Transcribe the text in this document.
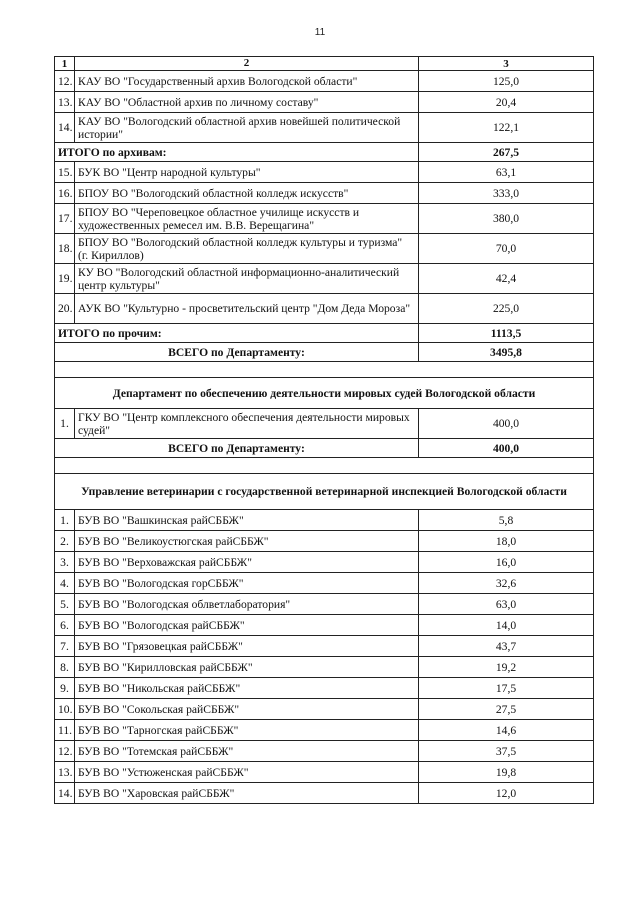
11
1	2	3
12.	КАУ ВО "Государственный архив Вологодской области"	125,0
13.	КАУ ВО "Областной архив по личному составу"	20,4
14.	КАУ ВО "Вологодский областной архив новейшей политической истории"	122,1
ИТОГО по архивам:		267,5
15.	БУК ВО "Центр народной культуры"	63,1
16.	БПОУ ВО "Вологодский областной колледж искусств"	333,0
17.	БПОУ ВО "Череповецкое областное училище искусств и художественных ремесел им. В.В. Верещагина"	380,0
18.	БПОУ ВО "Вологодский областной колледж культуры и туризма" (г. Кириллов)	70,0
19.	КУ ВО "Вологодский областной информационно-аналитический центр культуры"	42,4
20.	АУК ВО "Культурно - просветительский центр "Дом Деда Мороза"	225,0
ИТОГО по прочим:		1113,5
ВСЕГО по Департаменту:		3495,8

Департамент по обеспечению деятельности мировых судей Вологодской области		
1.	ГКУ ВО "Центр комплексного обеспечения деятельности мировых судей"	400,0
ВСЕГО по Департаменту:		400,0

Управление ветеринарии с государственной ветеринарной инспекцией Вологодской области		
1.	БУВ ВО "Вашкинская райСББЖ"	5,8
2.	БУВ ВО "Великоустюгская райСББЖ"	18,0
3.	БУВ ВО "Верховажская райСББЖ"	16,0
4.	БУВ ВО "Вологодская горСББЖ"	32,6
5.	БУВ ВО "Вологодская облветлаборатория"	63,0
6.	БУВ ВО "Вологодская райСББЖ"	14,0
7.	БУВ ВО "Грязовецкая райСББЖ"	43,7
8.	БУВ ВО "Кирилловская райСББЖ"	19,2
9.	БУВ ВО "Никольская райСББЖ"	17,5
10.	БУВ ВО "Сокольская райСББЖ"	27,5
11.	БУВ ВО "Тарногская райСББЖ"	14,6
12.	БУВ ВО "Тотемская райСББЖ"	37,5
13.	БУВ ВО "Устюженская райСББЖ"	19,8
14.	БУВ ВО "Харовская райСББЖ"	12,0
